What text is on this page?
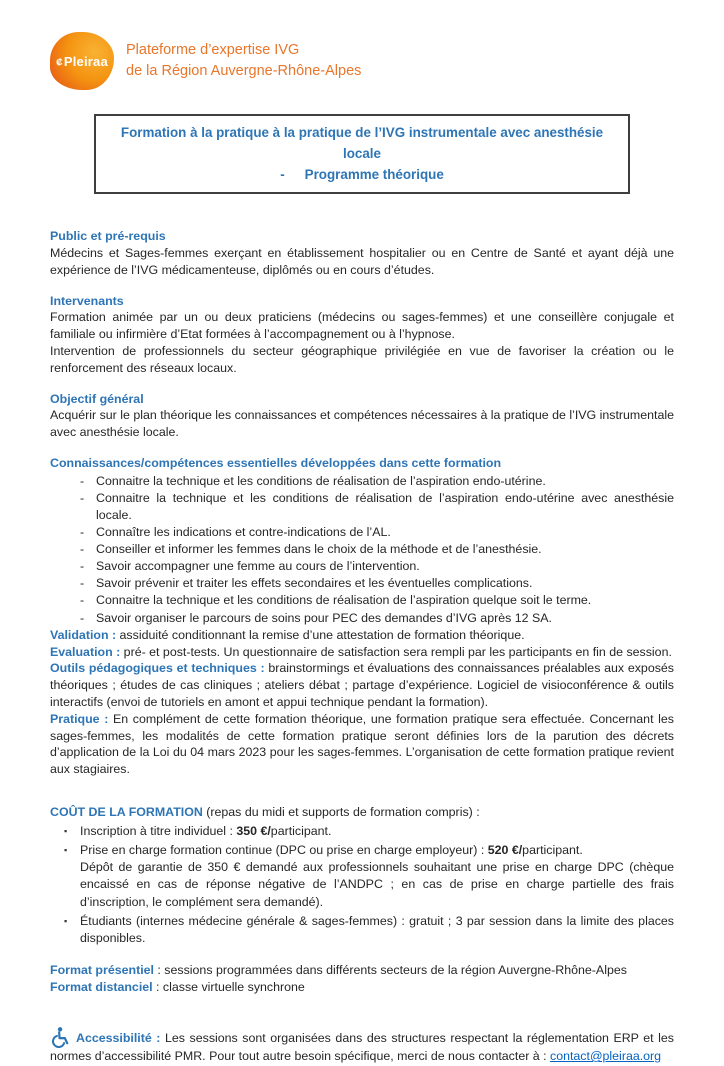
₡Pleiraa
Plateforme d’expertise IVG
de la Région Auvergne-Rhône-Alpes
Formation à la pratique à la pratique de l’IVG instrumentale avec anesthésie locale
- Programme théorique

Public et pré-requis

Médecins et Sages-femmes exerçant en établissement hospitalier ou en Centre de Santé et ayant déjà une expérience de l’IVG médicamenteuse, diplômés ou en cours d’études.

Intervenants

Formation animée par un ou deux praticiens (médecins ou sages-femmes) et une conseillère conjugale et familiale ou infirmière d’Etat formées à l’accompagnement ou à l’hypnose.

Intervention de professionnels du secteur géographique privilégiée en vue de favoriser la création ou le renforcement des réseaux locaux.

Objectif général

Acquérir sur le plan théorique les connaissances et compétences nécessaires à la pratique de l’IVG instrumentale avec anesthésie locale.

Connaissances/compétences essentielles développées dans cette formation

- Connaitre la technique et les conditions de réalisation de l’aspiration endo-utérine.
- Connaitre la technique et les conditions de réalisation de l’aspiration endo-utérine avec anesthésie locale.
- Connaître les indications et contre-indications de l’AL.
- Conseiller et informer les femmes dans le choix de la méthode et de l’anesthésie.
- Savoir accompagner une femme au cours de l’intervention.
- Savoir prévenir et traiter les effets secondaires et les éventuelles complications.
- Connaitre la technique et les conditions de réalisation de l’aspiration quelque soit le terme.
- Savoir organiser le parcours de soins pour PEC des demandes d’IVG après 12 SA.

Validation : assiduité conditionnant la remise d’une attestation de formation théorique.

Evaluation : pré- et post-tests. Un questionnaire de satisfaction sera rempli par les participants en fin de session.

Outils pédagogiques et techniques : brainstormings et évaluations des connaissances préalables aux exposés théoriques ; études de cas cliniques ; ateliers débat ; partage d’expérience. Logiciel de visioconférence & outils interactifs (envoi de tutoriels en amont et appui technique pendant la formation).

Pratique : En complément de cette formation théorique, une formation pratique sera effectuée. Concernant les sages-femmes, les modalités de cette formation pratique seront définies lors de la parution des décrets d’application de la Loi du 04 mars 2023 pour les sages-femmes. L’organisation de cette formation pratique revient aux stagiaires.

COÛT DE LA FORMATION (repas du midi et supports de formation compris) :

▪	Inscription à titre individuel : 350 €/participant.
▪	Prise en charge formation continue (DPC ou prise en charge employeur) : 520 €/participant.
Dépôt de garantie de 350 € demandé aux professionnels souhaitant une prise en charge DPC (chèque encaissé en cas de réponse négative de l’ANDPC ; en cas de prise en charge partielle des frais d’inscription, le complément sera demandé).
▪	Étudiants (internes médecine générale & sages-femmes) : gratuit ; 3 par session dans la limite des places disponibles.

Format présentiel : sessions programmées dans différents secteurs de la région Auvergne-Rhône-Alpes

Format distanciel : classe virtuelle synchrone

Accessibilité : Les sessions sont organisées dans des structures respectant la réglementation ERP et les normes d’accessibilité PMR. Pour tout autre besoin spécifique, merci de nous contacter à : contact@pleiraa.org
